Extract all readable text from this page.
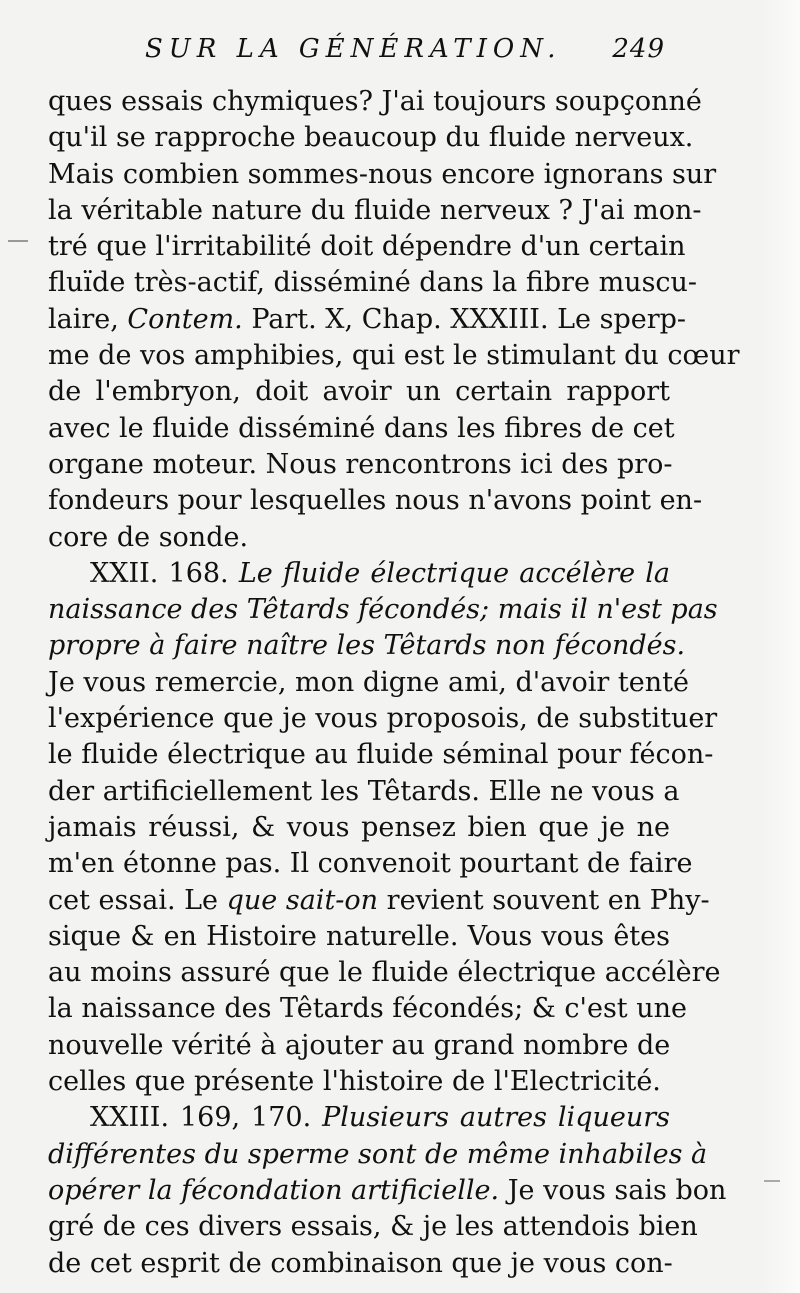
SUR LA GÉNÉRATION. 249
ques essais chymiques? J'ai toujours soupçonné
qu'il se rapproche beaucoup du fluide nerveux.
Mais combien sommes-nous encore ignorans sur
la véritable nature du fluide nerveux ? J'ai mon-
tré que l'irritabilité doit dépendre d'un certain
fluïde très-actif, disséminé dans la fibre muscu-
laire, Contem. Part. X, Chap. XXXIII. Le sperp-
me de vos amphibies, qui est le stimulant du cœur
de l'embryon, doit avoir un certain rapport
avec le fluide disséminé dans les fibres de cet
organe moteur. Nous rencontrons ici des pro-
fondeurs pour lesquelles nous n'avons point en-
core de sonde.
XXII. 168. Le fluide électrique accélère la
naissance des Têtards fécondés; mais il n'est pas
propre à faire naître les Têtards non fécondés.
Je vous remercie, mon digne ami, d'avoir tenté
l'expérience que je vous proposois, de substituer
le fluide électrique au fluide séminal pour fécon-
der artificiellement les Têtards. Elle ne vous a
jamais réussi, & vous pensez bien que je ne
m'en étonne pas. Il convenoit pourtant de faire
cet essai. Le que sait-on revient souvent en Phy-
sique & en Histoire naturelle. Vous vous êtes
au moins assuré que le fluide électrique accélère
la naissance des Têtards fécondés; & c'est une
nouvelle vérité à ajouter au grand nombre de
celles que présente l'histoire de l'Electricité.
XXIII. 169, 170. Plusieurs autres liqueurs
différentes du sperme sont de même inhabiles à
opérer la fécondation artificielle. Je vous sais bon
gré de ces divers essais, & je les attendois bien
de cet esprit de combinaison que je vous con-
